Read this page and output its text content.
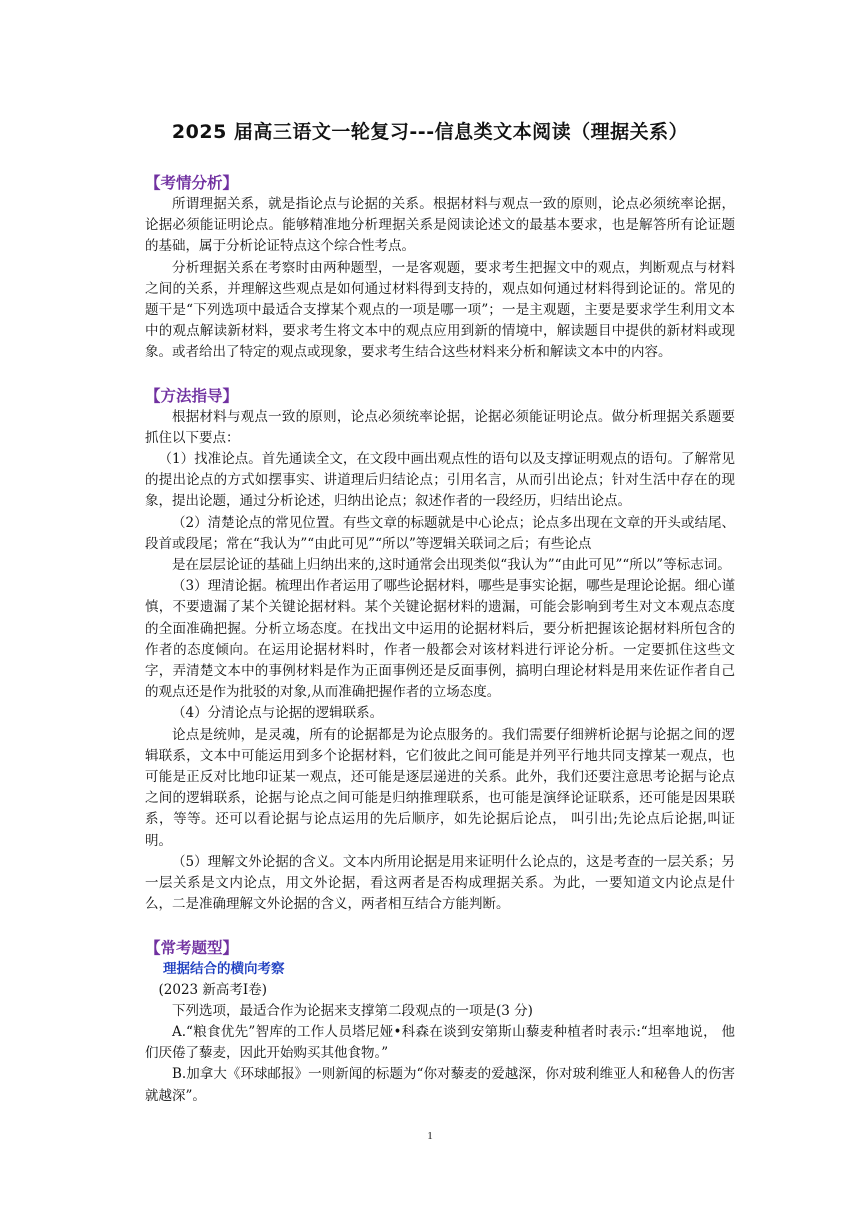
2025 届高三语文一轮复习---信息类文本阅读（理据关系）
【考情分析】

所谓理据关系，就是指论点与论据的关系。根据材料与观点一致的原则，论点必须统率论据，论据必须能证明论点。能够精准地分析理据关系是阅读论述文的最基本要求，也是解答所有论证题的基础，属于分析论证特点这个综合性考点。

分析理据关系在考察时由两种题型，一是客观题，要求考生把握文中的观点，判断观点与材料之间的关系，并理解这些观点是如何通过材料得到支持的，观点如何通过材料得到论证的。常见的题干是“下列选项中最适合支撑某个观点的一项是哪一项”；一是主观题，主要是要求学生利用文本中的观点解读新材料，要求考生将文本中的观点应用到新的情境中，解读题目中提供的新材料或现象。或者给出了特定的观点或现象，要求考生结合这些材料来分析和解读文本中的内容。

【方法指导】

根据材料与观点一致的原则，论点必须统率论据，论据必须能证明论点。做分析理据关系题要抓住以下要点：

（1）找准论点。首先通读全文，在文段中画出观点性的语句以及支撑证明观点的语句。了解常见的提出论点的方式如摆事实、讲道理后归结论点；引用名言，从而引出论点；针对生活中存在的现象，提出论题，通过分析论述，归纳出论点；叙述作者的一段经历，归结出论点。

（2）清楚论点的常见位置。有些文章的标题就是中心论点；论点多出现在文章的开头或结尾、段首或段尾；常在“我认为”“由此可见”“所以”等逻辑关联词之后；有些论点

是在层层论证的基础上归纳出来的,这时通常会出现类似“我认为”“由此可见”“所以”等标志词。

（3）理清论据。梳理出作者运用了哪些论据材料，哪些是事实论据，哪些是理论论据。细心谨慎，不要遗漏了某个关键论据材料。某个关键论据材料的遗漏，可能会影响到考生对文本观点态度的全面准确把握。分析立场态度。在找出文中运用的论据材料后，要分析把握该论据材料所包含的作者的态度倾向。在运用论据材料时，作者一般都会对该材料进行评论分析。一定要抓住这些文字，弄清楚文本中的事例材料是作为正面事例还是反面事例，搞明白理论材料是用来佐证作者自己的观点还是作为批驳的对象,从而准确把握作者的立场态度。

（4）分清论点与论据的逻辑联系。

论点是统帅，是灵魂，所有的论据都是为论点服务的。我们需要仔细辨析论据与论据之间的逻辑联系，文本中可能运用到多个论据材料，它们彼此之间可能是并列平行地共同支撑某一观点，也可能是正反对比地印证某一观点，还可能是逐层递进的关系。此外，我们还要注意思考论据与论点之间的逻辑联系，论据与论点之间可能是归纳推理联系，也可能是演绎论证联系，还可能是因果联系，等等。还可以看论据与论点运用的先后顺序，如先论据后论点， 叫引出;先论点后论据,叫证明。

（5）理解文外论据的含义。文本内所用论据是用来证明什么论点的，这是考查的一层关系；另一层关系是文内论点，用文外论据，看这两者是否构成理据关系。为此，一要知道文内论点是什么，二是准确理解文外论据的含义，两者相互结合方能判断。

【常考题型】
理据结合的横向考察

(2023 新高考Ⅰ卷)

下列选项，最适合作为论据来支撑第二段观点的一项是(3 分)

A.“粮食优先”智库的工作人员塔尼娅•科森在谈到安第斯山藜麦种植者时表示:“坦率地说， 他们厌倦了藜麦，因此开始购买其他食物。”

B.加拿大《环球邮报》一则新闻的标题为“你对藜麦的爱越深，你对玻利维亚人和秘鲁人的伤害就越深”。

1
